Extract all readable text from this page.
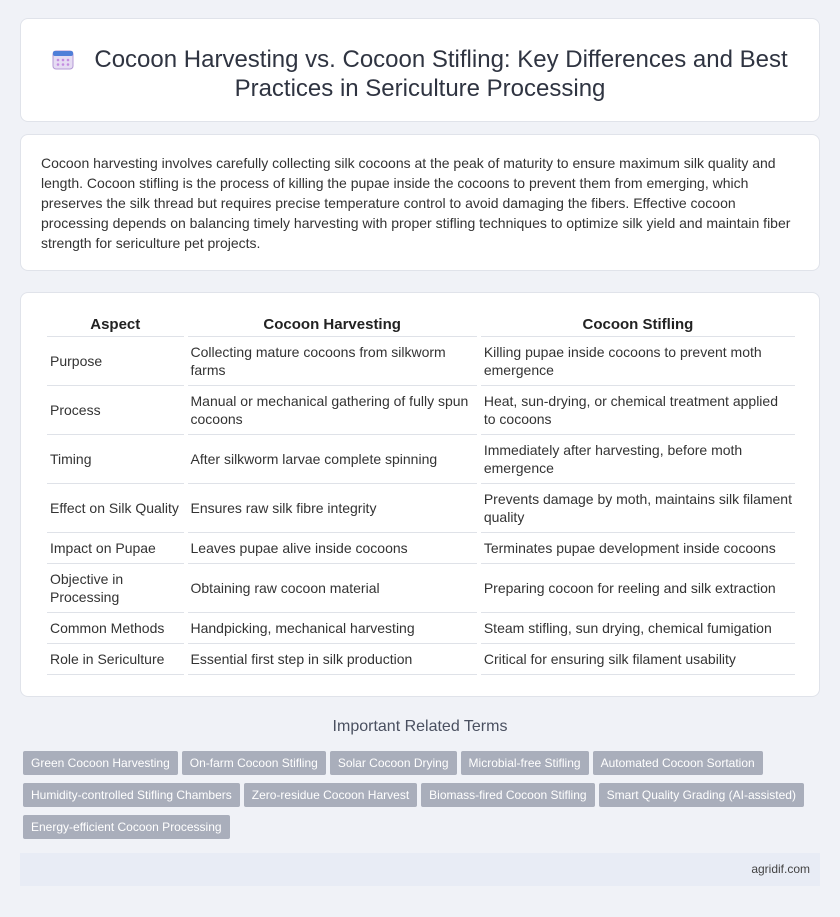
Cocoon Harvesting vs. Cocoon Stifling: Key Differences and Best Practices in Sericulture Processing

Cocoon harvesting involves carefully collecting silk cocoons at the peak of maturity to ensure maximum silk quality and length. Cocoon stifling is the process of killing the pupae inside the cocoons to prevent them from emerging, which preserves the silk thread but requires precise temperature control to avoid damaging the fibers. Effective cocoon processing depends on balancing timely harvesting with proper stifling techniques to optimize silk yield and maintain fiber strength for sericulture pet projects.

Aspect	Cocoon Harvesting	Cocoon Stifling
Purpose	Collecting mature cocoons from silkworm farms	Killing pupae inside cocoons to prevent moth emergence
Process	Manual or mechanical gathering of fully spun cocoons	Heat, sun-drying, or chemical treatment applied to cocoons
Timing	After silkworm larvae complete spinning	Immediately after harvesting, before moth emergence
Effect on Silk Quality	Ensures raw silk fibre integrity	Prevents damage by moth, maintains silk filament quality
Impact on Pupae	Leaves pupae alive inside cocoons	Terminates pupae development inside cocoons
Objective in Processing	Obtaining raw cocoon material	Preparing cocoon for reeling and silk extraction
Common Methods	Handpicking, mechanical harvesting	Steam stifling, sun drying, chemical fumigation
Role in Sericulture	Essential first step in silk production	Critical for ensuring silk filament usability
Important Related Terms
Green Cocoon Harvesting On-farm Cocoon Stifling Solar Cocoon Drying Microbial-free Stifling Automated Cocoon Sortation
Humidity-controlled Stifling Chambers Zero-residue Cocoon Harvest Biomass-fired Cocoon Stifling Smart Quality Grading (AI-assisted)
Energy-efficient Cocoon Processing
agridif.com
